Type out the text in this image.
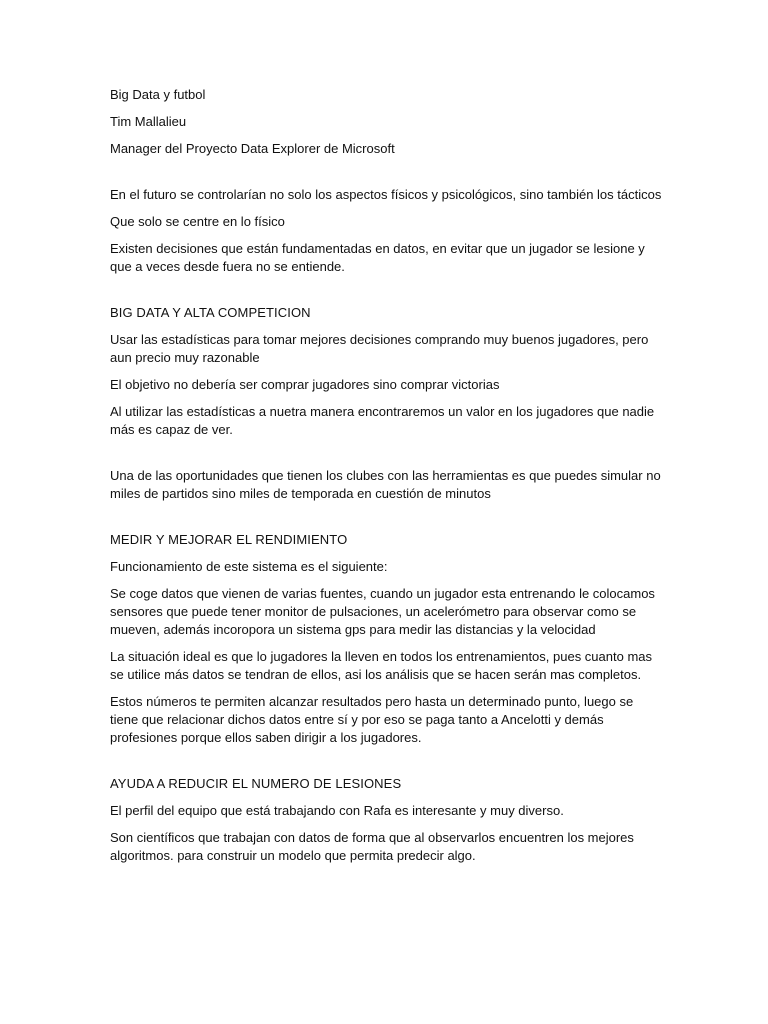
Big Data y futbol

Tim Mallalieu

Manager del Proyecto Data Explorer de Microsoft

En el futuro se controlarían no solo los aspectos físicos y psicológicos, sino también los tácticos

Que solo se centre en lo físico

Existen decisiones que están fundamentadas en datos, en evitar que un jugador se lesione y

que a veces desde fuera no se entiende.

BIG DATA Y ALTA COMPETICION

Usar las estadísticas para tomar mejores decisiones comprando muy buenos jugadores, pero

aun precio muy razonable

El objetivo no debería ser comprar jugadores sino comprar victorias

Al utilizar las estadísticas a nuetra manera encontraremos un valor en los jugadores que nadie

más es capaz de ver.

Una de las oportunidades que tienen los clubes con las herramientas es que puedes simular no

miles de partidos sino miles de temporada en cuestión de minutos

MEDIR Y MEJORAR EL RENDIMIENTO

Funcionamiento de este sistema es el siguiente:

Se coge datos que vienen de varias fuentes, cuando un jugador esta entrenando le colocamos

sensores que puede tener monitor de pulsaciones, un acelerómetro para observar como se

mueven, además incoropora un sistema gps para medir las distancias y la velocidad

La situación ideal es que lo jugadores la lleven en todos los entrenamientos, pues cuanto mas

se utilice más datos se tendran de ellos, asi los análisis que se hacen serán mas completos.

Estos números te permiten alcanzar resultados pero hasta un determinado punto, luego se

tiene que relacionar dichos datos entre sí y por eso se paga tanto a Ancelotti y demás

profesiones porque ellos saben dirigir a los jugadores.

AYUDA A REDUCIR EL NUMERO DE LESIONES

El perfil del equipo que está trabajando con Rafa es interesante y muy diverso.

Son científicos que trabajan con datos de forma que al observarlos encuentren los mejores

algoritmos. para construir un modelo que permita predecir algo.
